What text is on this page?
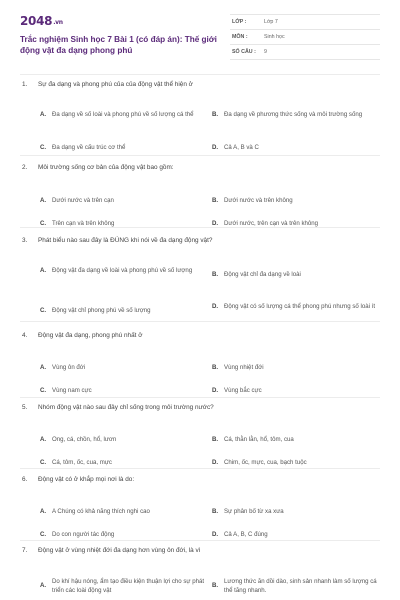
2048.vn
Trắc nghiệm Sinh học 7 Bài 1 (có đáp án): Thế giới động vật đa dạng phong phú
LỚP :	Lớp 7
MÔN :	Sinh học
SỐ CÂU :	9
1. Sự đa dạng và phong phú của của động vật thể hiện ở
A. Đa dạng về số loài và phong phú về số lượng cá thể	B. Đa dạng về phương thức sống và môi trường sống
C. Đa dạng về cấu trúc cơ thể	D. Cả A, B và C
2. Môi trường sống cơ bản của động vật bao gồm:
A. Dưới nước và trên cạn	B. Dưới nước và trên không
C. Trên cạn và trên không	D. Dưới nước, trên cạn và trên không
3. Phát biểu nào sau đây là ĐÚNG khi nói về đa dạng động vật?
A. Động vật đa dạng về loài và phong phú về số lượng
B. Động vật chỉ đa dạng về loài
C. Động vật chỉ phong phú về số lượng
D. Động vật có số lượng cá thể phong phú nhưng số loài ít
4. Động vật đa dạng, phong phú nhất ở
A. Vùng ôn đới	B. Vùng nhiệt đới
C. Vùng nam cực	D. Vùng bắc cực
5. Nhóm động vật nào sau đây chỉ sống trong môi trường nước?
A. Ong, cá, chồn, hổ, lươn	B. Cá, thằn lằn, hổ, tôm, cua
C. Cá, tôm, ốc, cua, mực	D. Chim, ốc, mực, cua, bạch tuộc
6. Động vật có ở khắp mọi nơi là do:
A. A Chúng có khả năng thích nghi cao	B. Sự phân bố từ xa xưa
C. Do con người tác động	D. Cả A, B, C đúng
7. Động vật ở vùng nhiệt đới đa dạng hơn vùng ôn đới, là vì
A.
Do khí hậu nóng, ẩm tạo điều kiện thuận lợi cho sự phát triển các loài động vật
B.
Lương thức ăn dồi dào, sinh sản nhanh làm số lượng cá thể tăng nhanh.
